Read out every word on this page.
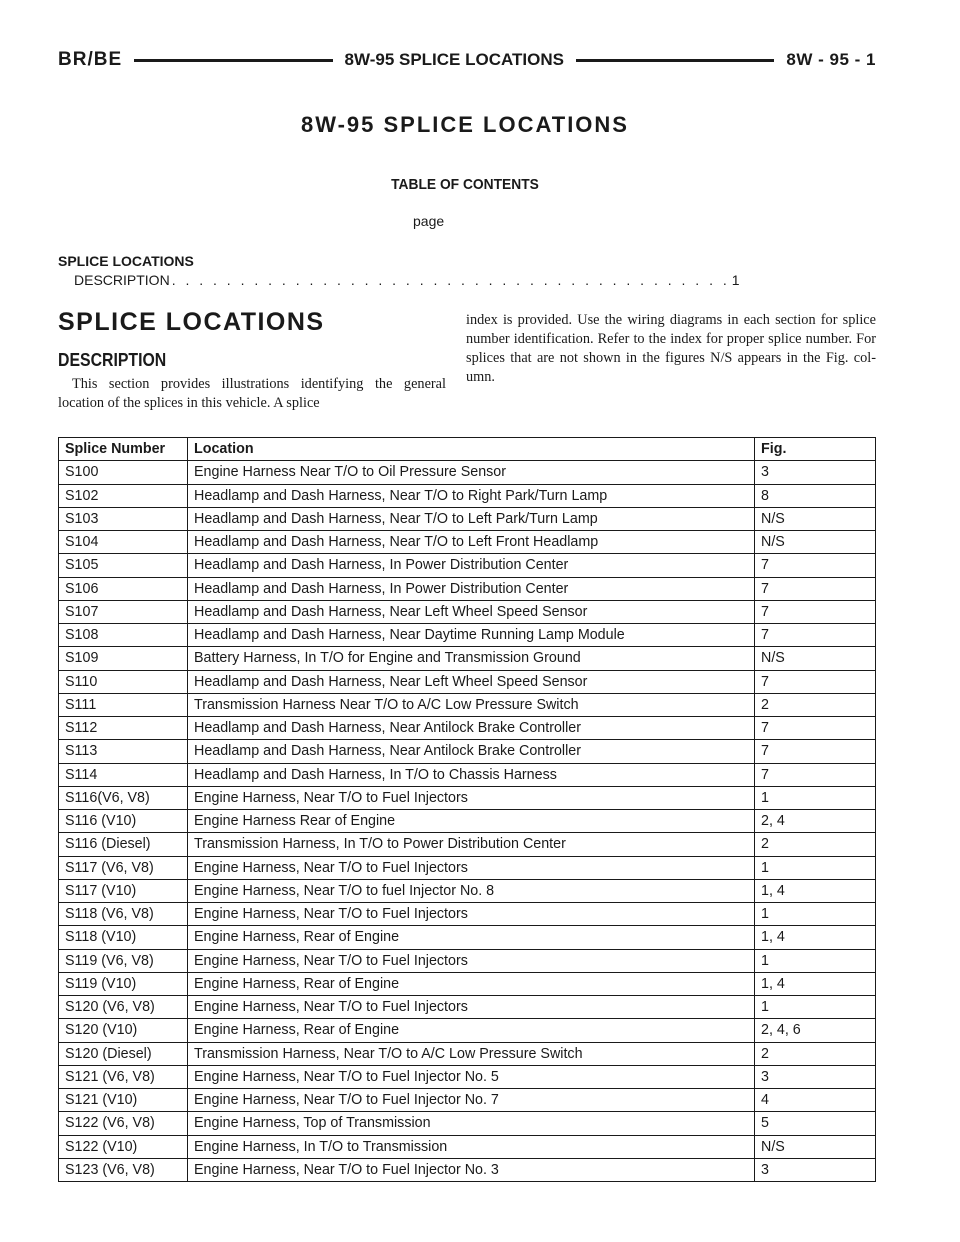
BR/BE	8W-95 SPLICE LOCATIONS	8W - 95 - 1
8W-95 SPLICE LOCATIONS
TABLE OF CONTENTS
page
SPLICE LOCATIONS
DESCRIPTION . . . . . . . . . . . . . . . . . . . . . . . . . . . . . . . . . . . . . . . . . 1
SPLICE LOCATIONS
DESCRIPTION

This section provides illustrations identifying the general location of the splices in this vehicle. A splice

index is provided. Use the wiring diagrams in each section for splice number identification. Refer to the index for proper splice number. For splices that are not shown in the figures N/S appears in the Fig. col- umn.

Splice Number	Location	Fig.
S100	Engine Harness Near T/O to Oil Pressure Sensor	3
S102	Headlamp and Dash Harness, Near T/O to Right Park/Turn Lamp	8
S103	Headlamp and Dash Harness, Near T/O to Left Park/Turn Lamp	N/S
S104	Headlamp and Dash Harness, Near T/O to Left Front Headlamp	N/S
S105	Headlamp and Dash Harness, In Power Distribution Center	7
S106	Headlamp and Dash Harness, In Power Distribution Center	7
S107	Headlamp and Dash Harness, Near Left Wheel Speed Sensor	7
S108	Headlamp and Dash Harness, Near Daytime Running Lamp Module	7
S109	Battery Harness, In T/O for Engine and Transmission Ground	N/S
S110	Headlamp and Dash Harness, Near Left Wheel Speed Sensor	7
S111	Transmission Harness Near T/O to A/C Low Pressure Switch	2
S112	Headlamp and Dash Harness, Near Antilock Brake Controller	7
S113	Headlamp and Dash Harness, Near Antilock Brake Controller	7
S114	Headlamp and Dash Harness, In T/O to Chassis Harness	7
S116(V6, V8)	Engine Harness, Near T/O to Fuel Injectors	1
S116 (V10)	Engine Harness Rear of Engine	2, 4
S116 (Diesel)	Transmission Harness, In T/O to Power Distribution Center	2
S117 (V6, V8)	Engine Harness, Near T/O to Fuel Injectors	1
S117 (V10)	Engine Harness, Near T/O to fuel Injector No. 8	1, 4
S118 (V6, V8)	Engine Harness, Near T/O to Fuel Injectors	1
S118 (V10)	Engine Harness, Rear of Engine	1, 4
S119 (V6, V8)	Engine Harness, Near T/O to Fuel Injectors	1
S119 (V10)	Engine Harness, Rear of Engine	1, 4
S120 (V6, V8)	Engine Harness, Near T/O to Fuel Injectors	1
S120 (V10)	Engine Harness, Rear of Engine	2, 4, 6
S120 (Diesel)	Transmission Harness, Near T/O to A/C Low Pressure Switch	2
S121 (V6, V8)	Engine Harness, Near T/O to Fuel Injector No. 5	3
S121 (V10)	Engine Harness, Near T/O to Fuel Injector No. 7	4
S122 (V6, V8)	Engine Harness, Top of Transmission	5
S122 (V10)	Engine Harness, In T/O to Transmission	N/S
S123 (V6, V8)	Engine Harness, Near T/O to Fuel Injector No. 3	3
